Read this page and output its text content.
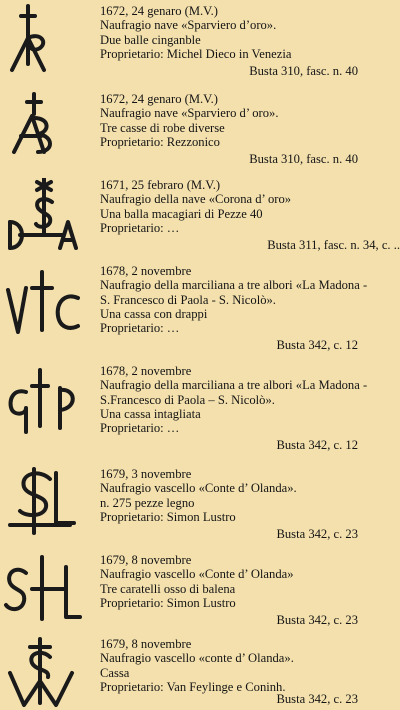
1672, 24 genaro (M.V.)
Naufragio nave «Sparviero d’oro».
Due balle cinganble
Proprietario: Michel Dieco in Venezia
Busta 310, fasc. n. 40
1672, 24 genaro (M.V.)
Naufragio nave «Sparviero d’ oro».
Tre casse di robe diverse
Proprietario: Rezzonico
Busta 310, fasc. n. 40
1671, 25 febraro (M.V.)
Naufragio della nave «Corona d’ oro»
Una balla macagiari di Pezze 40
Proprietario: …
Busta 311, fasc. n. 34, c. ..
1678, 2 novembre
Naufragio della marciliana a tre albori «La Madona -
S. Francesco di Paola - S. Nicolò».
Una cassa con drappi
Proprietario: …
Busta 342, c. 12
1678, 2 novembre
Naufragio della marciliana a tre albori «La Madona -
S.Francesco di Paola – S. Nicolò».
Una cassa intagliata
Proprietario: …
Busta 342, c. 12
1679, 3 novembre
Naufragio vascello «Conte d’ Olanda».
n. 275 pezze legno
Proprietario: Simon Lustro
Busta 342, c. 23
1679, 8 novembre
Naufragio vascello «Conte d’ Olanda»
Tre caratelli osso di balena
Proprietario: Simon Lustro
Busta 342, c. 23
1679, 8 novembre
Naufragio vascello «conte d’ Olanda».
Cassa
Proprietario: Van Feylinge e Coninh.
Busta 342, c. 23
